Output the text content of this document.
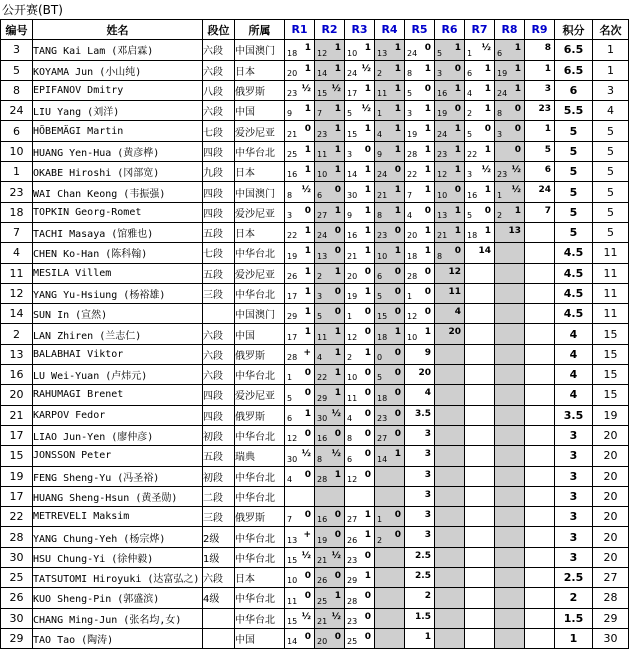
公开赛(BT)
编号	姓名	段位	所属	R1	R2	R3	R4	R5	R6	R7	R8	R9	积分	名次
3	TANG Kai Lam (邓启霖)	六段	中国澳门	18 1	12 1	10 1	13 1	24 0	5 1	1 ½	6 1	8	6.5	1
5	KOYAMA Jun (小山纯)	六段	日本	20 1	14 1	24 ½	2 1	8 1	3 0	6 1	19 1	1	6.5	1
8	EPIFANOV Dmitry	八段	俄罗斯	23 ½	15 ½	17 1	11 1	5 0	16 1	4 1	24 1	3	6	3
24	LIU Yang (刘洋)	六段	中国	9 1	7 1	5 ½	1 1	3 1	19 0	2 1	8 0	23	5.5	4
6	HÕBEMÄGI Martin	七段	爱沙尼亚	21 0	23 1	15 1	4 1	19 1	24 1	5 0	3 0	1	5	5
10	HUANG Yen-Hua (黄彦桦)	四段	中华台北	25 1	11 1	3 0	9 1	28 1	23 1	22 1	0	5	5	5
1	OKABE Hiroshi (冈部宽)	九段	日本	16 1	10 1	14 1	24 0	22 1	12 1	3 ½	23 ½	6	5	5
23	WAI Chan Keong (韦振强)	四段	中国澳门	8 ½	6 0	30 1	21 1	7 1	10 0	16 1	1 ½	24	5	5
18	TOPKIN Georg-Romet	四段	爱沙尼亚	3 0	27 1	9 1	8 1	4 0	13 1	5 0	2 1	7	5	5
7	TACHI Masaya (馆雅也)	五段	日本	22 1	24 0	16 1	23 0	20 1	21 1	18 1	13		5	5
4	CHEN Ko-Han (陈科翰)	七段	中华台北	19 1	13 0	21 1	10 1	18 1	8 0	14			4.5	11
11	MESILA Villem	五段	爱沙尼亚	26 1	2 1	20 0	6 0	28 0	12				4.5	11
12	YANG Yu-Hsiung (杨裕雄)	三段	中华台北	17 1	3 0	19 1	5 0	1 0	11				4.5	11
14	SUN In (宣然)		中国澳门	29 1	5 0	1 0	15 0	12 0	4				4.5	11
2	LAN Zhiren (兰志仁)	六段	中国	17 1	11 1	12 0	18 1	10 1	20				4	15
13	BALABHAI Viktor	六段	俄罗斯	28 +	4 1	2 1	0 0	9					4	15
16	LU Wei-Yuan (卢炜元)	六段	中华台北	1 0	22 1	10 0	5 0	20					4	15
20	RAHUMAGI Brenet	四段	爱沙尼亚	5 0	29 1	11 0	18 0	4					4	15
21	KARPOV Fedor	四段	俄罗斯	6 1	30 ½	4 0	23 0	3.5					3.5	19
17	LIAO Jun-Yen (廖仲彦)	初段	中华台北	12 0	16 0	8 0	27 0	3					3	20
15	JONSSON Peter	五段	瑞典	30 ½	8 ½	6 0	14 1	3					3	20
19	FENG Sheng-Yu (冯圣裕)	初段	中华台北	4 0	28 1	12 0		3					3	20
17	HUANG Sheng-Hsun (黄圣勋)	二段	中华台北					3					3	20
22	METREVELI Maksim	三段	俄罗斯	7 0	16 0	27 1	1 0	3					3	20
28	YANG Chung-Yeh (杨宗烨)	2级	中华台北	13 +	19 0	26 1	2 0	3					3	20
30	HSU Chung-Yi (徐仲毅)	1级	中华台北	15 ½	21 ½	23 0		2.5					3	20
25	TATSUTOMI Hiroyuki (达富弘之)	六段	日本	10 0	26 0	29 1		2.5					2.5	27
26	KUO Sheng-Pin (郭盛滨)	4级	中华台北	11 0	25 1	28 0		2					2	28
30	CHANG Ming-Jun (张名均,女)		中华台北	15 ½	21 ½	23 0		1.5					1.5	29
29	TAO Tao (陶涛)		中国	14 0	20 0	25 0		1					1	30
